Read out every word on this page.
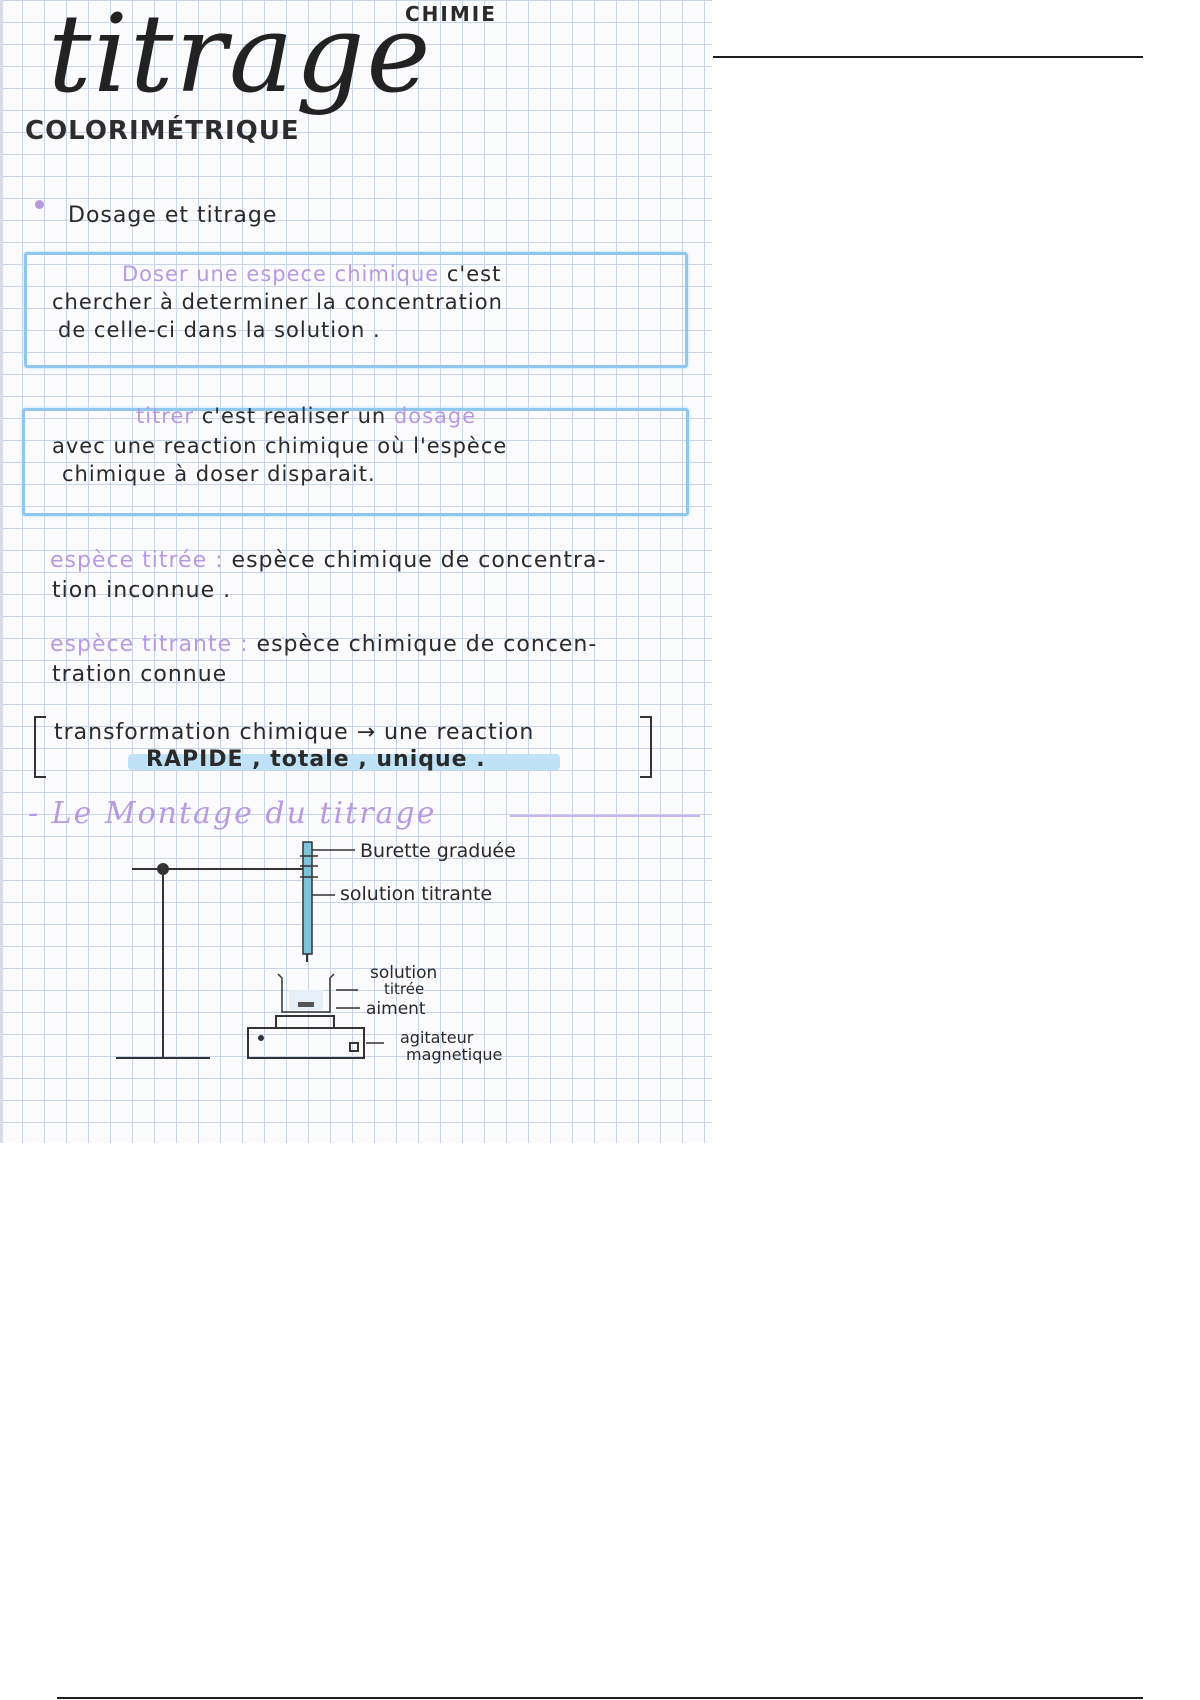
CHIMIE
titrage
COLORIMÉTRIQUE
Dosage et titrage
Doser une espece chimique c'est
chercher à determiner la concentration
de celle-ci dans la solution .
titrer c'est realiser un dosage
avec une reaction chimique où l'espèce
chimique à doser disparait.
espèce titrée : espèce chimique de concentra-
tion inconnue .
espèce titrante : espèce chimique de concen-
tration connue
transformation chimique → une reaction
RAPIDE , totale , unique .
- Le Montage du titrage
Burette graduée
solution titrante
solution
titrée
aiment
agitateur
magnetique
